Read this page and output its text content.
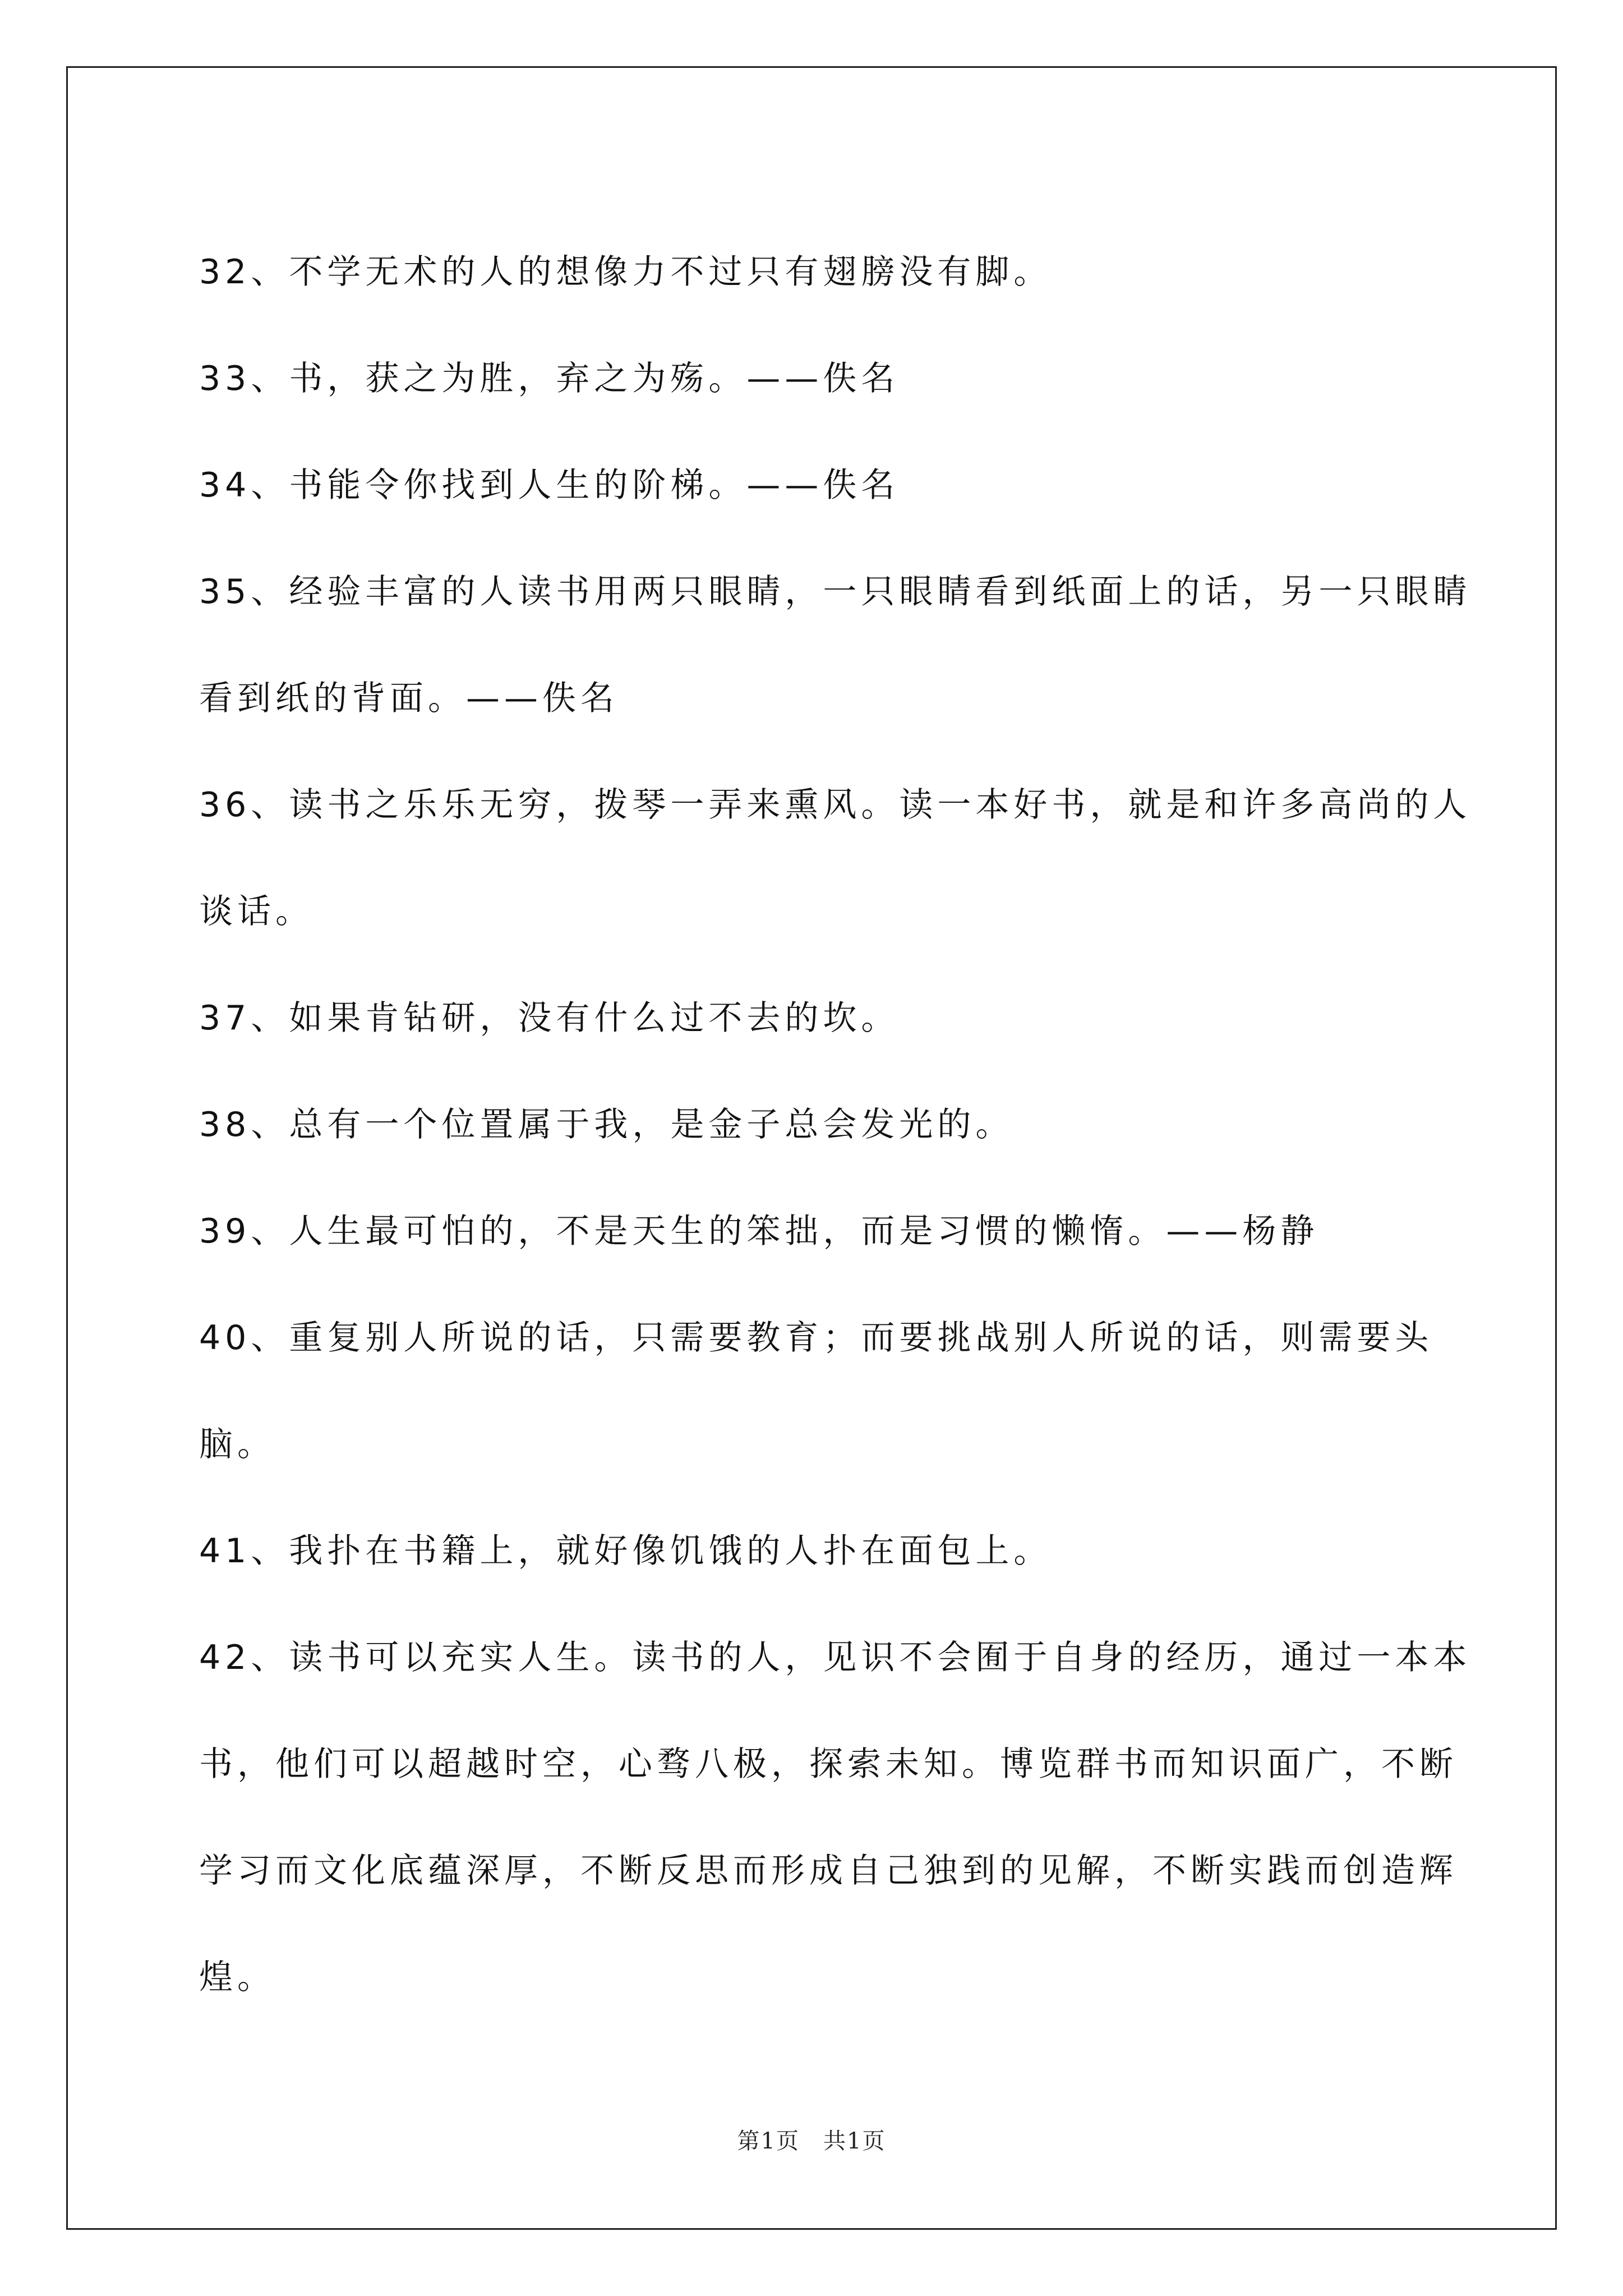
32、不学无术的人的想像力不过只有翅膀没有脚。

33、书，获之为胜，弃之为殇。——佚名

34、书能令你找到人生的阶梯。——佚名

35、经验丰富的人读书用两只眼睛，一只眼睛看到纸面上的话，另一只眼睛看到纸的背面。——佚名

36、读书之乐乐无穷，拨琴一弄来熏风。读一本好书，就是和许多高尚的人谈话。

37、如果肯钻研，没有什么过不去的坎。

38、总有一个位置属于我，是金子总会发光的。

39、人生最可怕的，不是天生的笨拙，而是习惯的懒惰。——杨静

40、重复别人所说的话，只需要教育；而要挑战别人所说的话，则需要头脑。

41、我扑在书籍上，就好像饥饿的人扑在面包上。

42、读书可以充实人生。读书的人，见识不会囿于自身的经历，通过一本本书，他们可以超越时空，心骛八极，探索未知。博览群书而知识面广，不断学习而文化底蕴深厚，不断反思而形成自己独到的见解，不断实践而创造辉煌。

第1页　共1页
